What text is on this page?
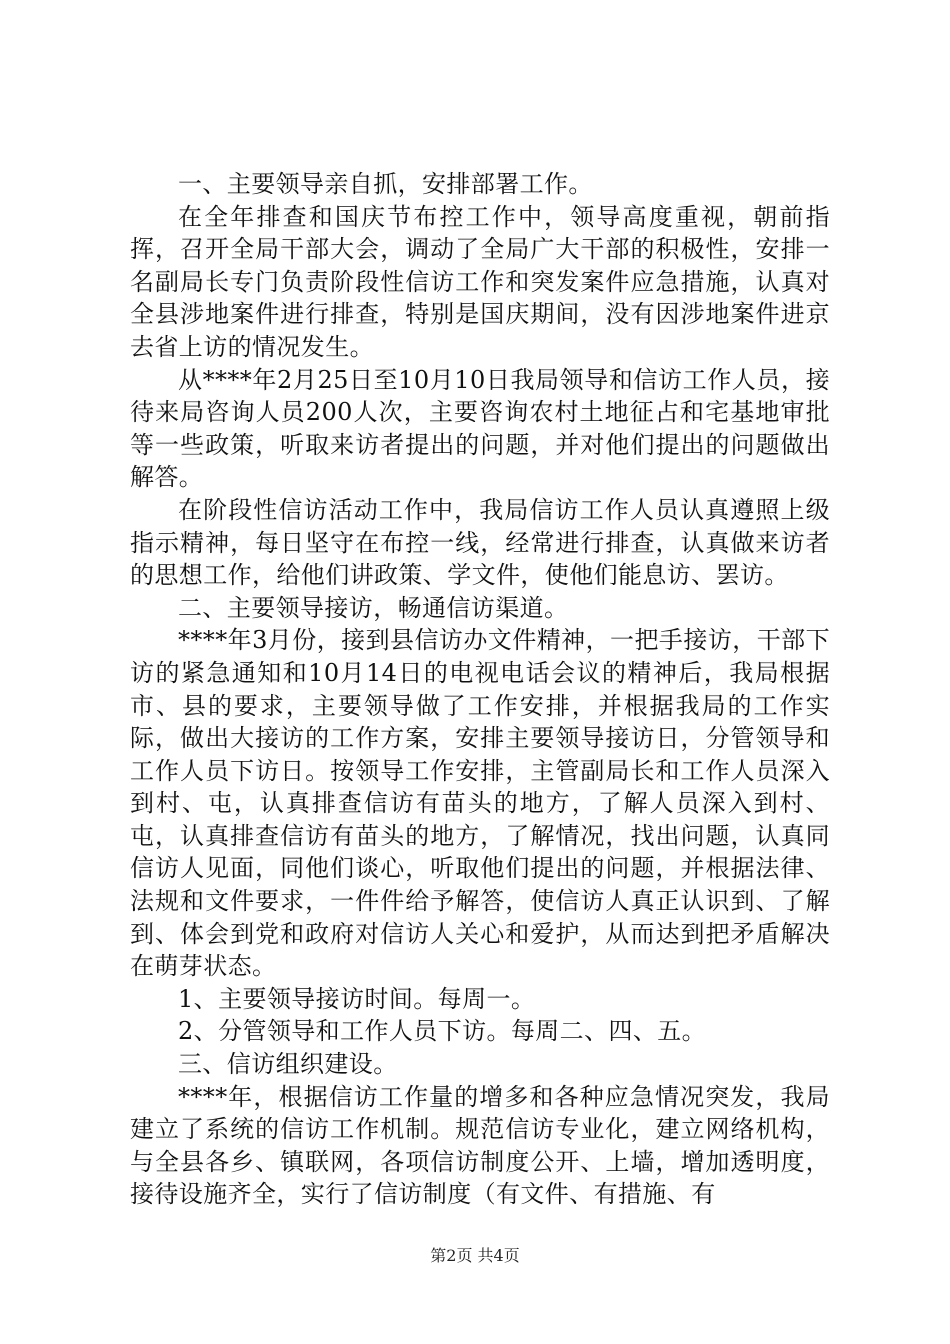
一、主要领导亲自抓，安排部署工作。

在全年排查和国庆节布控工作中，领导高度重视，朝前指挥，召开全局干部大会，调动了全局广大干部的积极性，安排一名副局长专门负责阶段性信访工作和突发案件应急措施，认真对全县涉地案件进行排查，特别是国庆期间，没有因涉地案件进京去省上访的情况发生。

从****年2月25日至10月10日我局领导和信访工作人员，接待来局咨询人员200人次，主要咨询农村土地征占和宅基地审批等一些政策，听取来访者提出的问题，并对他们提出的问题做出解答。

在阶段性信访活动工作中，我局信访工作人员认真遵照上级指示精神，每日坚守在布控一线，经常进行排查，认真做来访者的思想工作，给他们讲政策、学文件，使他们能息访、罢访。

二、主要领导接访，畅通信访渠道。

****年3月份，接到县信访办文件精神，一把手接访，干部下访的紧急通知和10月14日的电视电话会议的精神后，我局根据市、县的要求，主要领导做了工作安排，并根据我局的工作实际，做出大接访的工作方案，安排主要领导接访日，分管领导和工作人员下访日。按领导工作安排，主管副局长和工作人员深入到村、屯，认真排查信访有苗头的地方，了解人员深入到村、屯，认真排查信访有苗头的地方，了解情况，找出问题，认真同信访人见面，同他们谈心，听取他们提出的问题，并根据法律、法规和文件要求，一件件给予解答，使信访人真正认识到、了解到、体会到党和政府对信访人关心和爱护，从而达到把矛盾解决在萌芽状态。

1、主要领导接访时间。每周一。

2、分管领导和工作人员下访。每周二、四、五。

三、信访组织建设。

****年，根据信访工作量的增多和各种应急情况突发，我局建立了系统的信访工作机制。规范信访专业化，建立网络机构，与全县各乡、镇联网，各项信访制度公开、上墙，增加透明度，接待设施齐全，实行了信访制度（有文件、有措施、有

第2页 共4页
